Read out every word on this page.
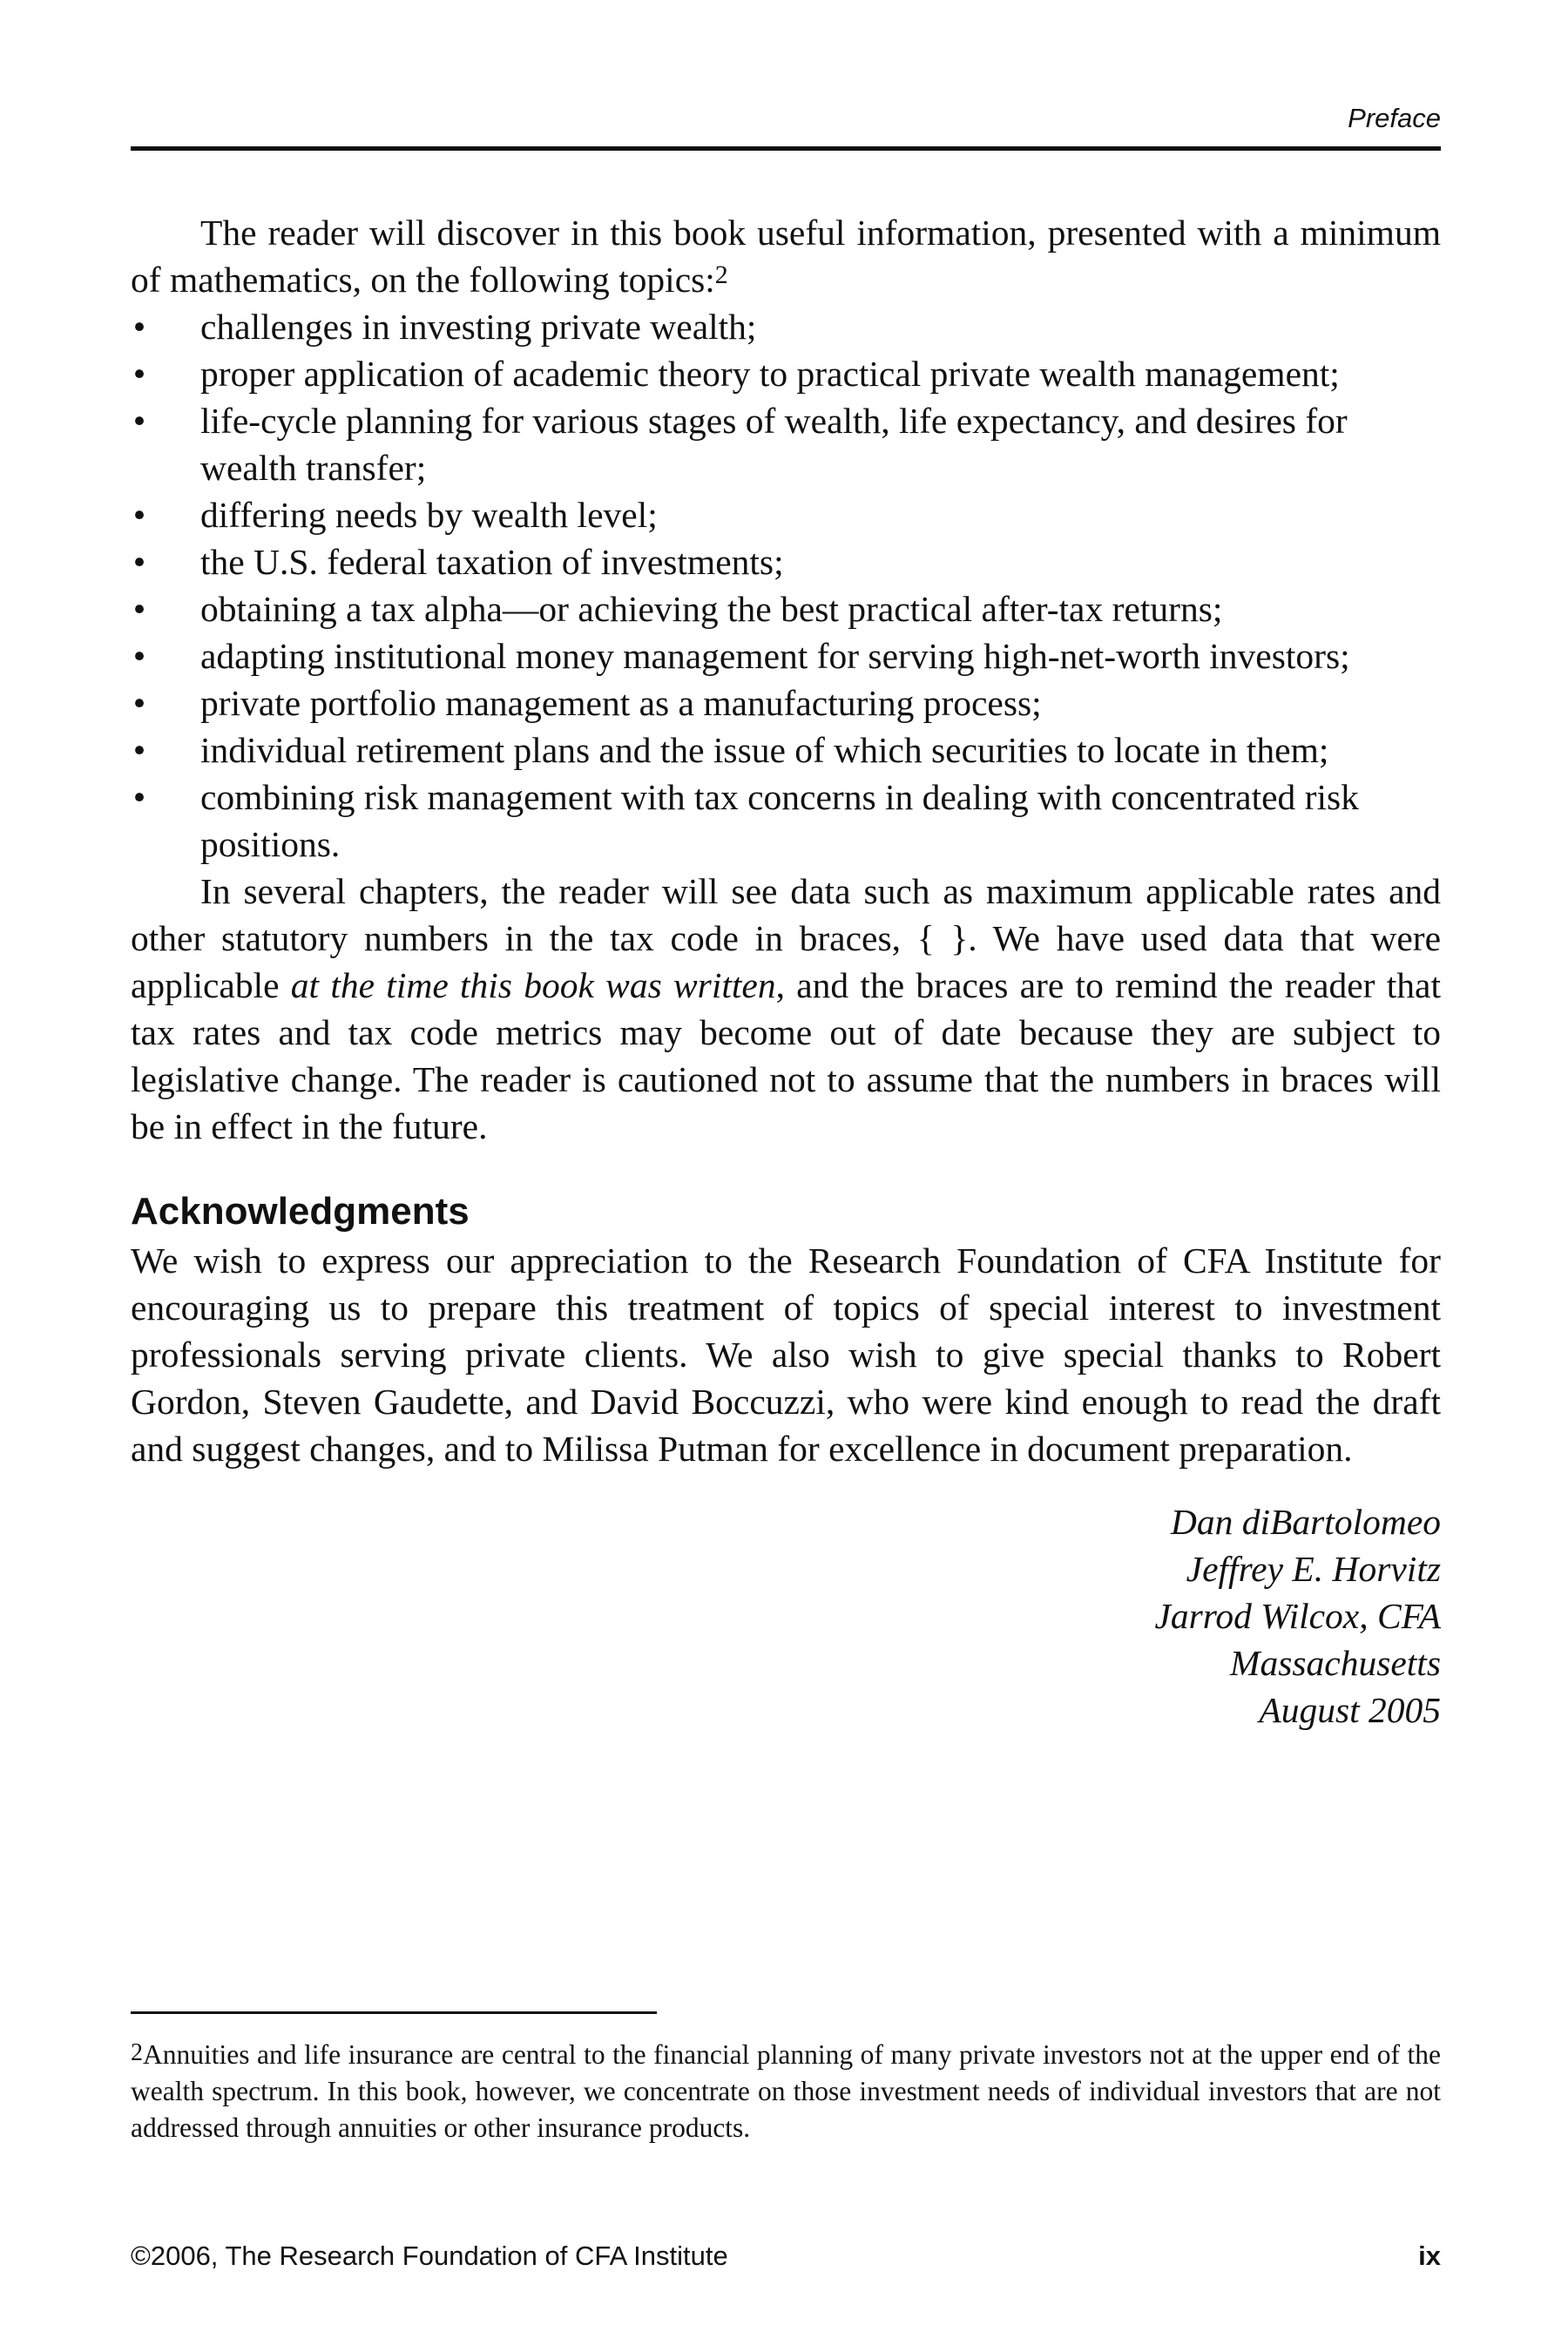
Preface

The reader will discover in this book useful information, presented with a minimum of mathematics, on the following topics:$^2$

• challenges in investing private wealth;
• proper application of academic theory to practical private wealth management;
• life-cycle planning for various stages of wealth, life expectancy, and desires for wealth transfer;
• differing needs by wealth level;
• the U.S. federal taxation of investments;
• obtaining a tax alpha—or achieving the best practical after-tax returns;
• adapting institutional money management for serving high-net-worth investors;
• private portfolio management as a manufacturing process;
• individual retirement plans and the issue of which securities to locate in them;
• combining risk management with tax concerns in dealing with concentrated risk positions.

In several chapters, the reader will see data such as maximum applicable rates and other statutory numbers in the tax code in braces, { }. We have used data that were applicable at the time this book was written, and the braces are to remind the reader that tax rates and tax code metrics may become out of date because they are subject to legislative change. The reader is cautioned not to assume that the numbers in braces will be in effect in the future.

Acknowledgments

We wish to express our appreciation to the Research Foundation of CFA Institute for encouraging us to prepare this treatment of topics of special interest to investment professionals serving private clients. We also wish to give special thanks to Robert Gordon, Steven Gaudette, and David Boccuzzi, who were kind enough to read the draft and suggest changes, and to Milissa Putman for excellence in document preparation.

Dan diBartolomeo
Jeffrey E. Horvitz
Jarrod Wilcox, CFA
Massachusetts
August 2005
2Annuities and life insurance are central to the financial planning of many private investors not at the upper end of the wealth spectrum. In this book, however, we concentrate on those investment needs of individual investors that are not addressed through annuities or other insurance products.
©2006, The Research Foundation of CFA Institute	ix
